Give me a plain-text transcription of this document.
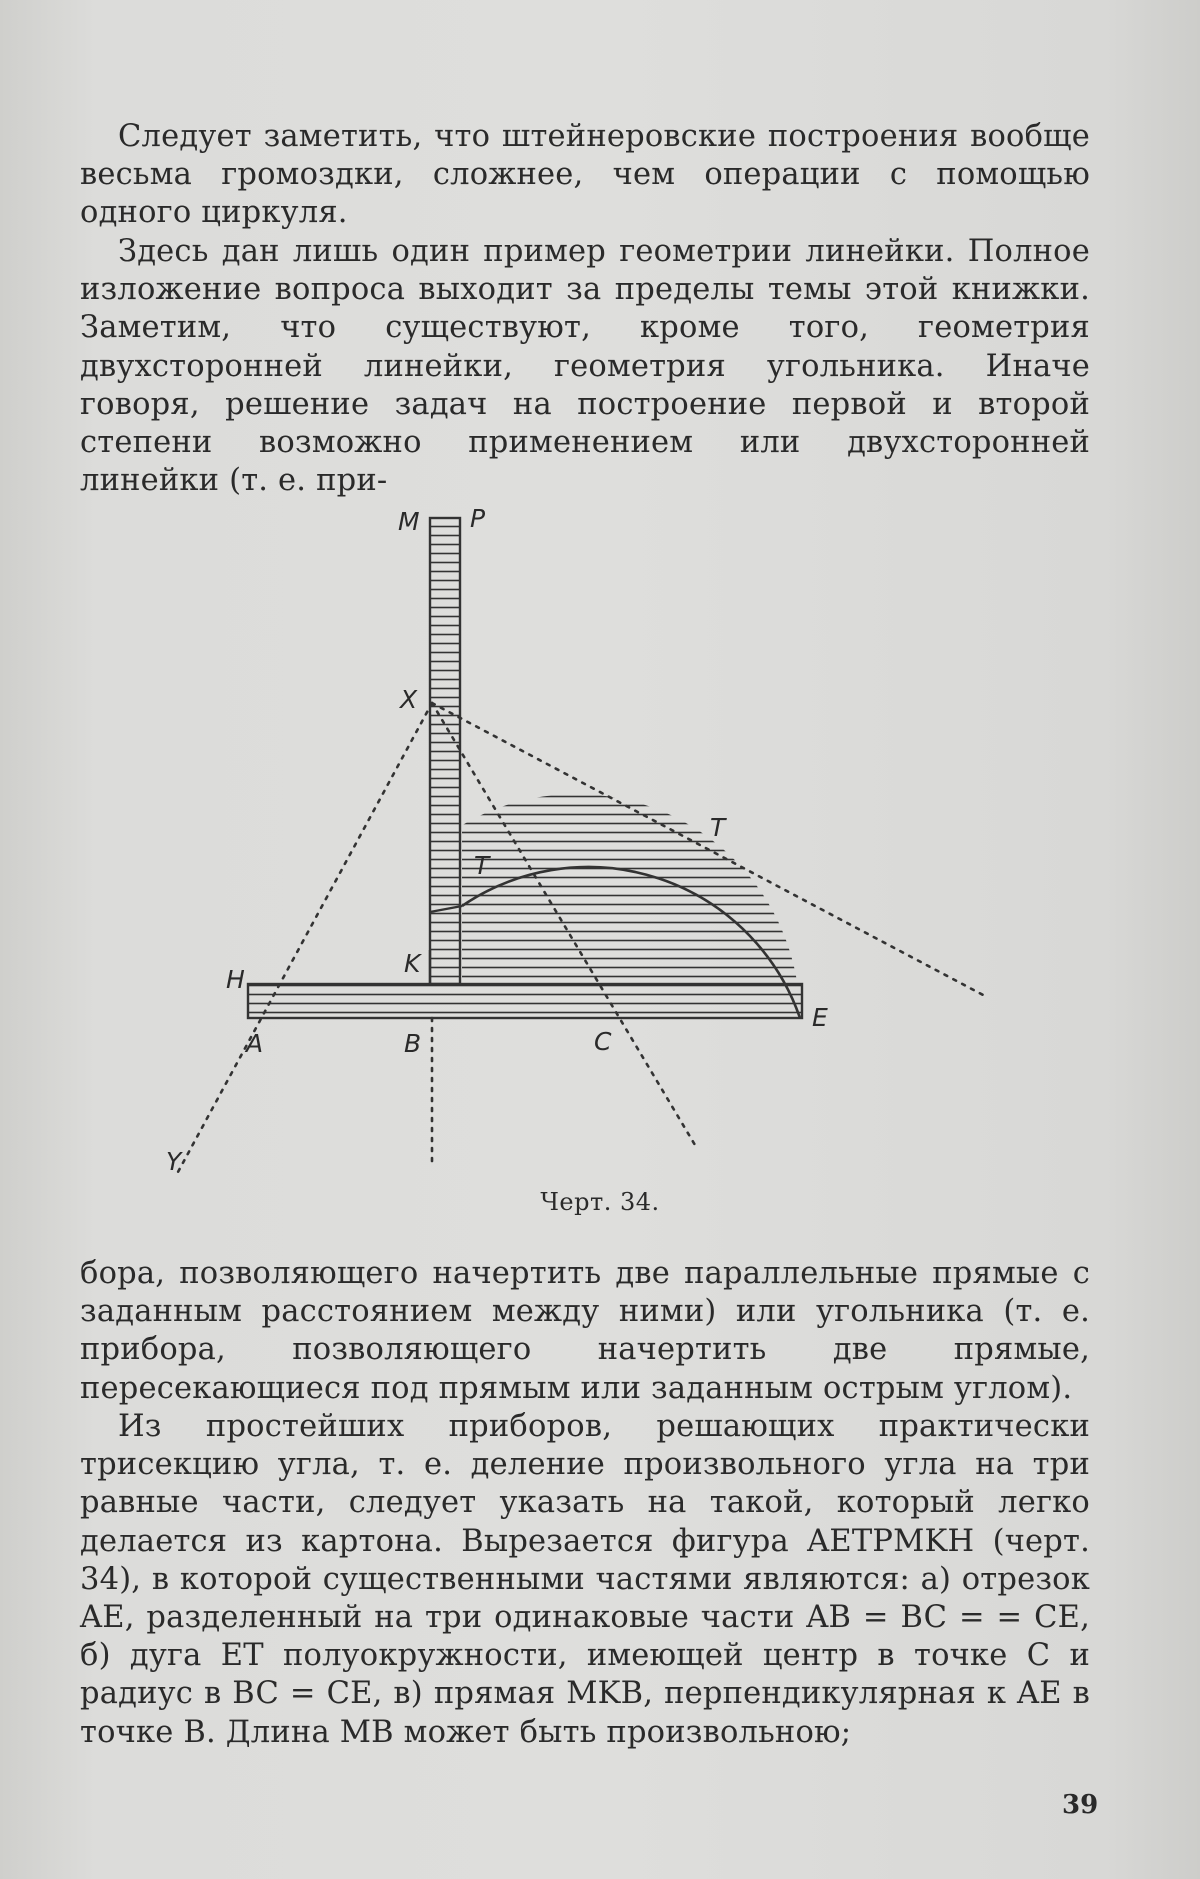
Следует заметить, что штейнеровские построения вообще весьма громоздки, сложнее, чем операции с помощью одного циркуля.

Здесь дан лишь один пример геометрии линейки. Полное изложение вопроса выходит за пределы темы этой книжки. Заметим, что существуют, кроме того, геометрия двухсторонней линейки, геометрия угольника. Иначе говоря, решение задач на построение первой и второй степени возможно применением или двухсторонней линейки (т. е. при-

M P
X
T
T
H
K
A	B	C
E
Y
Черт. 34.

бора, позволяющего начертить две параллельные прямые с заданным расстоянием между ними) или угольника (т. е. прибора, позволяющего начертить две прямые, пересекающиеся под прямым или заданным острым углом).

Из простейших приборов, решающих практически трисекцию угла, т. е. деление произвольного угла на три равные части, следует указать на такой, который легко делается из картона. Вырезается фигура AETPMKH (черт. 34), в которой существенными частями являются: а) отрезок AE, разделенный на три одинаковые части AB = BC = = CE, б) дуга ET полуокружности, имеющей центр в точке C и радиус в BC = CE, в) прямая MKB, перпендикулярная к AE в точке B. Длина MB может быть произвольною;

39
